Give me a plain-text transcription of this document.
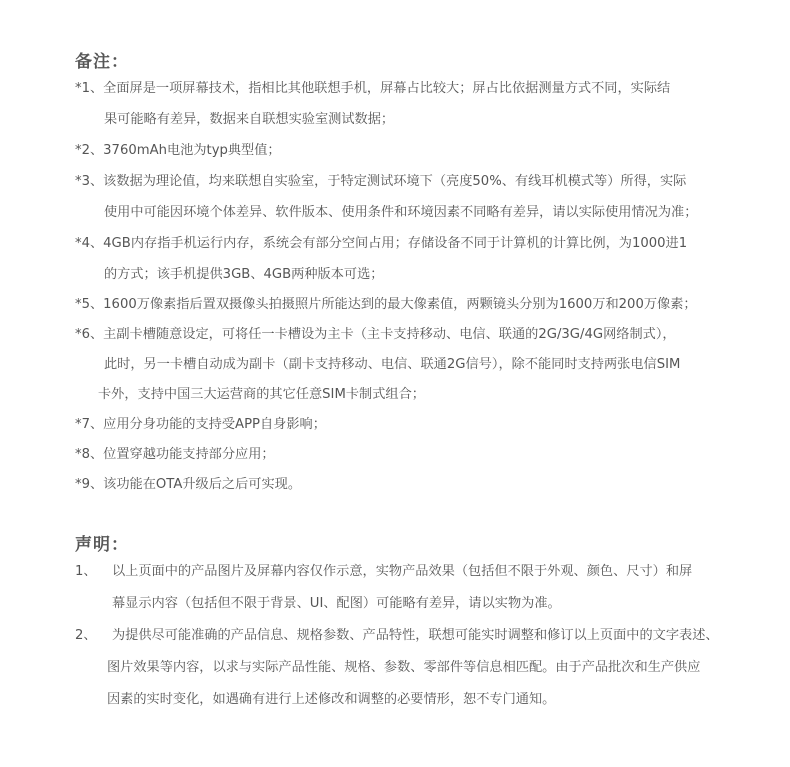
备注：
*1、全面屏是一项屏幕技术，指相比其他联想手机，屏幕占比较大；屏占比依据测量方式不同，实际结
果可能略有差异，数据来自联想实验室测试数据；
*2、3760mAh电池为typ典型值；
*3、该数据为理论值，均来联想自实验室，于特定测试环境下（亮度50%、有线耳机模式等）所得，实际
使用中可能因环境个体差异、软件版本、使用条件和环境因素不同略有差异，请以实际使用情况为准；
*4、4GB内存指手机运行内存，系统会有部分空间占用；存储设备不同于计算机的计算比例，为1000进1
的方式；该手机提供3GB、4GB两种版本可选；
*5、1600万像素指后置双摄像头拍摄照片所能达到的最大像素值，两颗镜头分别为1600万和200万像素；
*6、主副卡槽随意设定，可将任一卡槽设为主卡（主卡支持移动、电信、联通的2G/3G/4G网络制式），
此时，另一卡槽自动成为副卡（副卡支持移动、电信、联通2G信号），除不能同时支持两张电信SIM
卡外，支持中国三大运营商的其它任意SIM卡制式组合；
*7、应用分身功能的支持受APP自身影响；
*8、位置穿越功能支持部分应用；
*9、该功能在OTA升级后之后可实现。
声明：
1、 以上页面中的产品图片及屏幕内容仅作示意，实物产品效果（包括但不限于外观、颜色、尺寸）和屏
幕显示内容（包括但不限于背景、UI、配图）可能略有差异，请以实物为准。
2、 为提供尽可能准确的产品信息、规格参数、产品特性，联想可能实时调整和修订以上页面中的文字表述、
图片效果等内容，以求与实际产品性能、规格、参数、零部件等信息相匹配。由于产品批次和生产供应
因素的实时变化，如遇确有进行上述修改和调整的必要情形，恕不专门通知。
